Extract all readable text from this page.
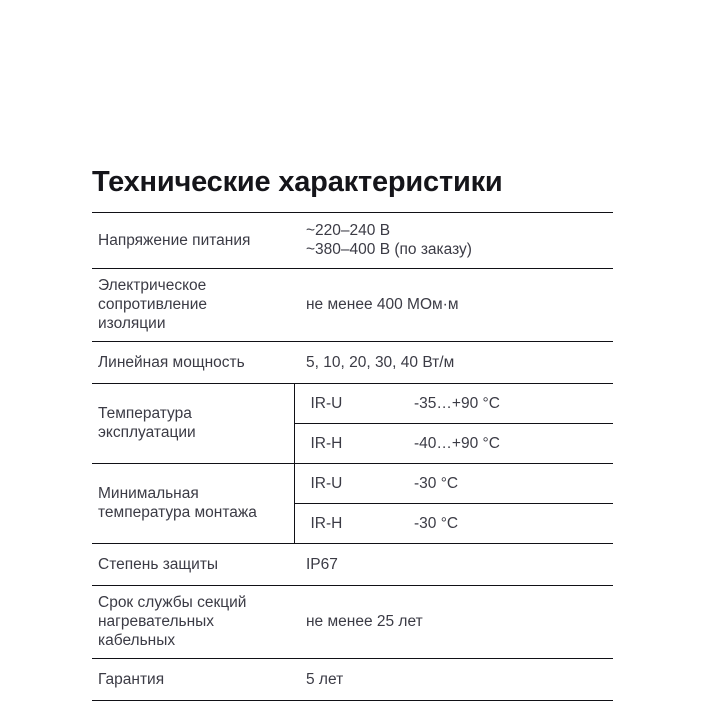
Технические характеристики
Напряжение питания	~220–240 В
~380–400 В (по заказу)	

Электрическое сопротивление
изоляции	не менее 400 МОм·м	

Линейная мощность	5, 10, 20, 30, 40 Вт/м	

Температура
эксплуатации	IR-U	-35…+90 °C

	IR-H	-40…+90 °C

Минимальная
температура монтажа	IR-U	-30 °C

	IR-H	-30 °C

Степень защиты	IP67	

Срок службы секций
нагревательных кабельных	не менее 25 лет	

Гарантия	5 лет	
